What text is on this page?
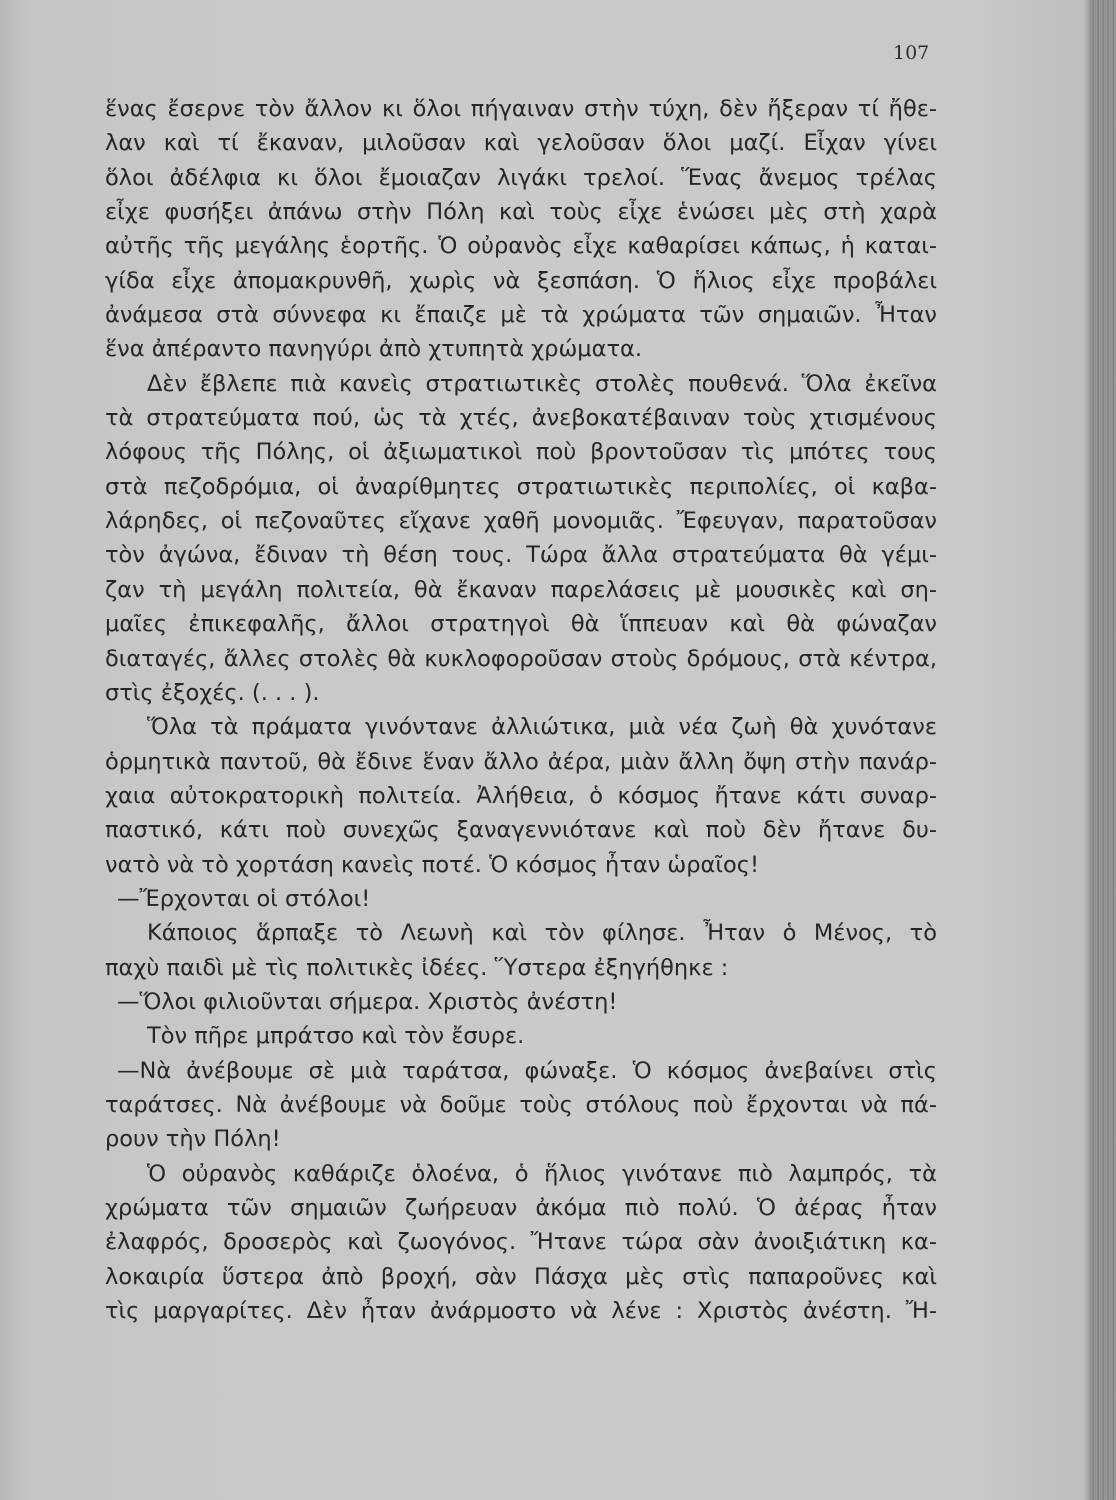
107
ἕνας ἔσερνε τὸν ἄλλον κι ὅλοι πήγαιναν στὴν τύχη, δὲν ἤξεραν τί ἤθε-
λαν καὶ τί ἔκαναν, μιλοῦσαν καὶ γελοῦσαν ὅλοι μαζί. Εἶχαν γίνει
ὅλοι ἀδέλφια κι ὅλοι ἔμοιαζαν λιγάκι τρελοί. Ἕνας ἄνεμος τρέλας
εἶχε φυσήξει ἀπάνω στὴν Πόλη καὶ τοὺς εἶχε ἑνώσει μὲς στὴ χαρὰ
αὐτῆς τῆς μεγάλης ἑορτῆς. Ὁ οὐρανὸς εἶχε καθαρίσει κάπως, ἡ καται-
γίδα εἶχε ἀπομακρυνθῆ, χωρὶς νὰ ξεσπάση. Ὁ ἥλιος εἶχε προβάλει
ἀνάμεσα στὰ σύννεφα κι ἔπαιζε μὲ τὰ χρώματα τῶν σημαιῶν. Ἦταν
ἕνα ἀπέραντο πανηγύρι ἀπὸ χτυπητὰ χρώματα.
Δὲν ἔβλεπε πιὰ κανεὶς στρατιωτικὲς στολὲς πουθενά. Ὅλα ἐκεῖνα
τὰ στρατεύματα πού, ὡς τὰ χτές, ἀνεβοκατέβαιναν τοὺς χτισμένους
λόφους τῆς Πόλης, οἱ ἀξιωματικοὶ ποὺ βροντοῦσαν τὶς μπότες τους
στὰ πεζοδρόμια, οἱ ἀναρίθμητες στρατιωτικὲς περιπολίες, οἱ καβα-
λάρηδες, οἱ πεζοναῦτες εἴχανε χαθῆ μονομιᾶς. Ἔφευγαν, παρατοῦσαν
τὸν ἀγώνα, ἔδιναν τὴ θέση τους. Τώρα ἄλλα στρατεύματα θὰ γέμι-
ζαν τὴ μεγάλη πολιτεία, θὰ ἔκαναν παρελάσεις μὲ μουσικὲς καὶ ση-
μαῖες ἐπικεφαλῆς, ἄλλοι στρατηγοὶ θὰ ἵππευαν καὶ θὰ φώναζαν
διαταγές, ἄλλες στολὲς θὰ κυκλοφοροῦσαν στοὺς δρόμους, στὰ κέντρα,
στὶς ἐξοχές. (. . . ).
Ὅλα τὰ πράματα γινόντανε ἀλλιώτικα, μιὰ νέα ζωὴ θὰ χυνότανε
ὁρμητικὰ παντοῦ, θὰ ἔδινε ἕναν ἄλλο ἀέρα, μιὰν ἄλλη ὄψη στὴν πανάρ-
χαια αὐτοκρατορικὴ πολιτεία. Ἀλήθεια, ὁ κόσμος ἤτανε κάτι συναρ-
παστικό, κάτι ποὺ συνεχῶς ξαναγεννιότανε καὶ ποὺ δὲν ἤτανε δυ-
νατὸ νὰ τὸ χορτάση κανεὶς ποτέ. Ὁ κόσμος ἦταν ὡραῖος!
—Ἔρχονται οἱ στόλοι!
Κάποιος ἅρπαξε τὸ Λεωνὴ καὶ τὸν φίλησε. Ἦταν ὁ Μένος, τὸ
παχὺ παιδὶ μὲ τὶς πολιτικὲς ἰδέες. Ὕστερα ἐξηγήθηκε :
—Ὅλοι φιλιοῦνται σήμερα. Χριστὸς ἀνέστη!
Τὸν πῆρε μπράτσο καὶ τὸν ἔσυρε.
—Νὰ ἀνέβουμε σὲ μιὰ ταράτσα, φώναξε. Ὁ κόσμος ἀνεβαίνει στὶς
ταράτσες. Νὰ ἀνέβουμε νὰ δοῦμε τοὺς στόλους ποὺ ἔρχονται νὰ πά-
ρουν τὴν Πόλη!
Ὁ οὐρανὸς καθάριζε ὁλοένα, ὁ ἥλιος γινότανε πιὸ λαμπρός, τὰ
χρώματα τῶν σημαιῶν ζωήρευαν ἀκόμα πιὸ πολύ. Ὁ ἀέρας ἦταν
ἐλαφρός, δροσερὸς καὶ ζωογόνος. Ἤτανε τώρα σὰν ἀνοιξιάτικη κα-
λοκαιρία ὕστερα ἀπὸ βροχή, σὰν Πάσχα μὲς στὶς παπαροῦνες καὶ
τὶς μαργαρίτες. Δὲν ἦταν ἀνάρμοστο νὰ λένε : Χριστὸς ἀνέστη. Ἤ-
